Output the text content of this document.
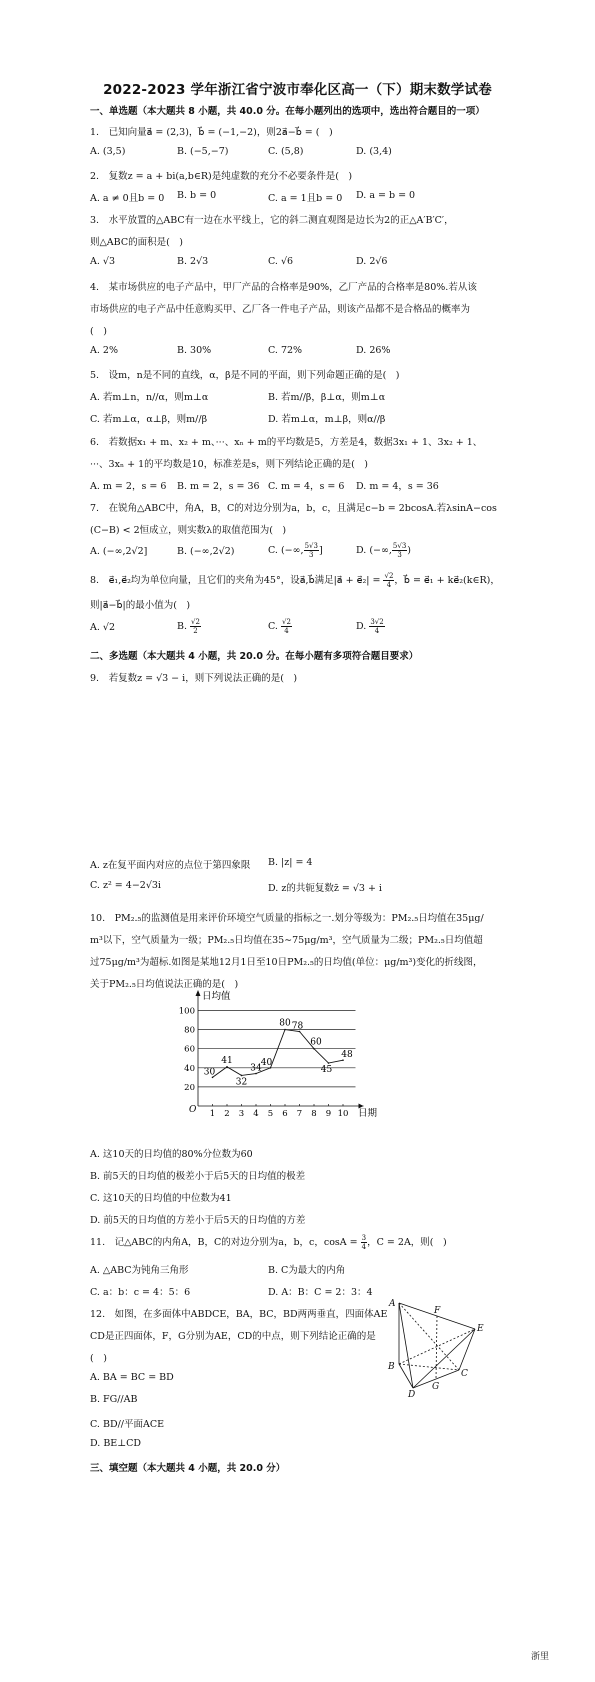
2022-2023 学年浙江省宁波市奉化区高一（下）期末数学试卷
一、单选题（本大题共 8 小题，共 40.0 分。在每小题列出的选项中，选出符合题目的一项）
1.　已知向量a⃗ = (2,3)，b⃗ = (−1,−2)，则2a⃗−b⃗ = (　)
A. (3,5)	B. (−5,−7)	C. (5,8)	D. (3,4)
2.　复数z = a + bi(a,b∈R)是纯虚数的充分不必要条件是(　)
A. a ≠ 0且b = 0 B. b = 0	C. a = 1且b = 0 D. a = b = 0
3.　水平放置的△ABC有一边在水平线上，它的斜二测直观图是边长为2的正△A′B′C′，
则△ABC的面积是(　)
A. √3	B. 2√3	C. √6	D. 2√6
4.　某市场供应的电子产品中，甲厂产品的合格率是90%，乙厂产品的合格率是80%.若从该
市场供应的电子产品中任意购买甲、乙厂各一件电子产品，则该产品都不是合格品的概率为
(　)
A. 2%	B. 30%	C. 72%	D. 26%
5.　设m，n是不同的直线，α，β是不同的平面，则下列命题正确的是(　)
A. 若m⊥n，n//α，则m⊥α	B. 若m//β，β⊥α，则m⊥α
C. 若m⊥α，α⊥β，则m//β	D. 若m⊥α，m⊥β，则α//β
6.　若数据x₁ + m、x₂ + m、···、xₙ + m的平均数是5，方差是4，数据3x₁ + 1、3x₂ + 1、
···、3xₙ + 1的平均数是10，标准差是s，则下列结论正确的是(　)
A. m = 2，s = 6 B. m = 2，s = 36 C. m = 4，s = 6 D. m = 4，s = 36
7.　在锐角△ABC中，角A，B，C的对边分别为a，b，c，且满足c−b = 2bcosA.若λsinA−cos
(C−B) < 2恒成立，则实数λ的取值范围为(　)
A. (−∞,2√2]	B. (−∞,2√2)	C. (−∞, $\frac{5√3}{3}$ ]	D. (−∞, $\frac{5√3}{3}$ )
8.　e⃗₁,e⃗₂均为单位向量，且它们的夹角为45°，设a⃗,b⃗满足|a⃗ + e⃗₂| = $\frac{√2}{4}$ ，b⃗ = e⃗₁ + ke⃗₂(k∈R)，
则|a⃗−b⃗|的最小值为(　)
A. √2	B. $\frac{√2}{2}$	C. $\frac{√2}{4}$	D. $\frac{3√2}{4}$
二、多选题（本大题共 4 小题，共 20.0 分。在每小题有多项符合题目要求）
9.　若复数z = √3 − i，则下列说法正确的是(　)
A. z在复平面内对应的点位于第四象限 B. |z| = 4
C. z² = 4−2√3i	D. z的共轭复数z̄ = √3 + i
10.　PM₂.₅的监测值是用来评价环境空气质量的指标之一.划分等级为：PM₂.₅日均值在35μg/
m³以下，空气质量为一级；PM₂.₅日均值在35∼75μg/m³，空气质量为二级；PM₂.₅日均值超
过75μg/m³为超标.如图是某地12月1日至10日PM₂.₅的日均值(单位：μg/m³)变化的折线图，
关于PM₂.₅日均值说法正确的是(　)
20
40
60
80
100
1 2 3 4 5 6 7 8 9 10
30
41
32
34
40
80 78
60
45
48
日均值
日期
O
A. 这10天的日均值的80%分位数为60
B. 前5天的日均值的极差小于后5天的日均值的极差
C. 这10天的日均值的中位数为41
D. 前5天的日均值的方差小于后5天的日均值的方差
11.　记△ABC的内角A，B，C的对边分别为a，b，c，$\cos A = \frac{3}{4}$ ，C = 2A，则(　)
A. △ABC为钝角三角形	B. C为最大的内角
C. a：b：c = 4：5：6	D. A：B：C = 2：3：4
12.　如图，在多面体中ABDCE，BA，BC，BD两两垂直，四面体AE
CD是正四面体，F，G分别为AE，CD的中点，则下列结论正确的是
(　)
A. BA = BC = BD
B. FG//AB
C. BD//平面ACE
D. BE⊥CD
A
F
E
B
C
G
D
三、填空题（本大题共 4 小题，共 20.0 分）
浙里
